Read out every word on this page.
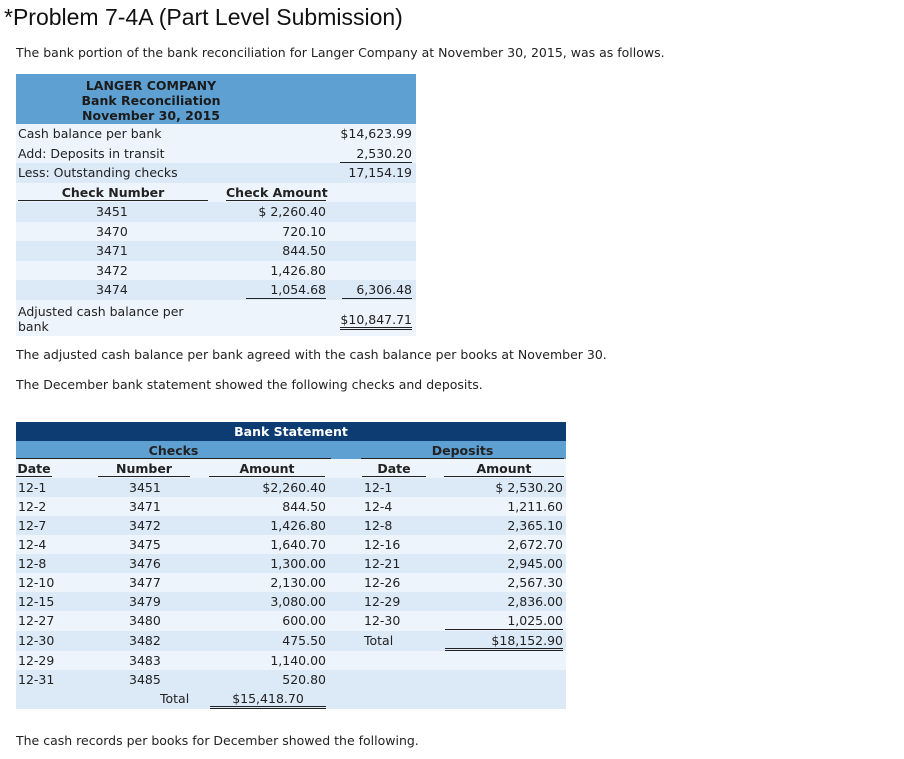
*Problem 7-4A (Part Level Submission)
The bank portion of the bank reconciliation for Langer Company at November 30, 2015, was as follows.
LANGER COMPANY
Bank Reconciliation
November 30, 2015
Cash balance per bank	$14,623.99
Add: Deposits in transit	2,530.20
Less: Outstanding checks	17,154.19
Check Number	Check Amount
3451	$ 2,260.40
3470	720.10
3471	844.50
3472	1,426.80
3474	1,054.68	6,306.48
Adjusted cash balance per
bank	$10,847.71
The adjusted cash balance per bank agreed with the cash balance per books at November 30.
The December bank statement showed the following checks and deposits.
Bank Statement
Checks	Deposits
Date	Number	Amount	Date	Amount
12-1	3451	$2,260.40	12-1	$ 2,530.20
12-2	3471	844.50	12-4	1,211.60
12-7	3472	1,426.80	12-8	2,365.10
12-4	3475	1,640.70	12-16	2,672.70
12-8	3476	1,300.00	12-21	2,945.00
12-10	3477	2,130.00	12-26	2,567.30
12-15	3479	3,080.00	12-29	2,836.00
12-27	3480	600.00	12-30	1,025.00
12-30	3482	475.50	Total	$18,152.90
12-29	3483	1,140.00
12-31	3485	520.80
Total	$15,418.70
The cash records per books for December showed the following.
